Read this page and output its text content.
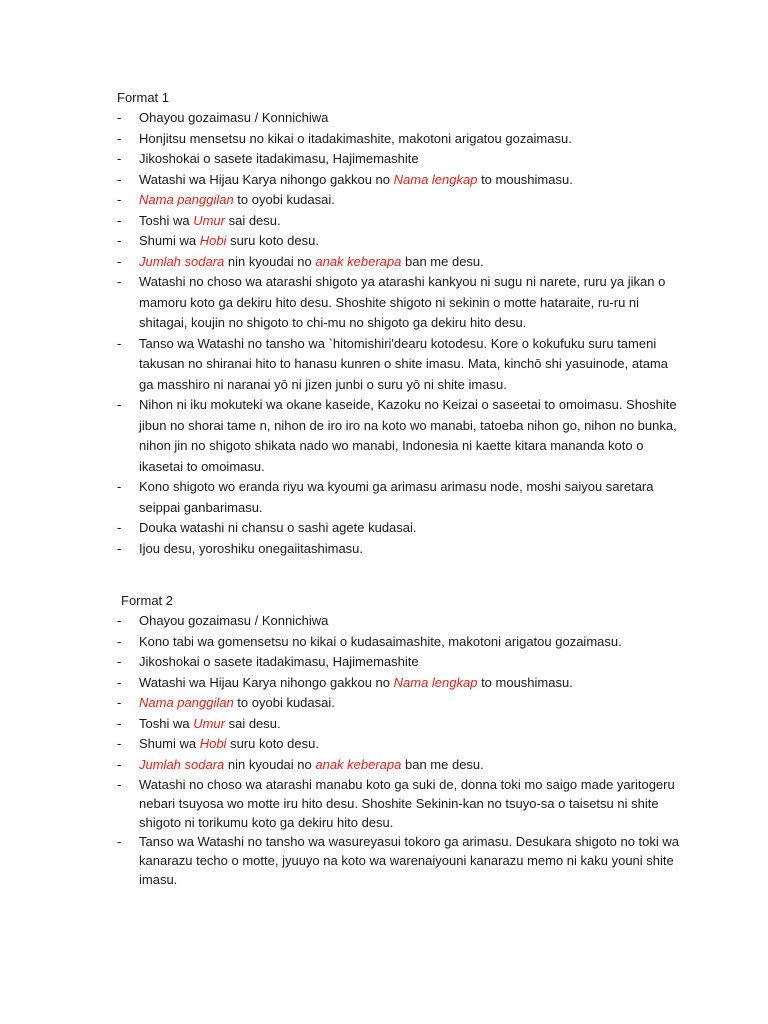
Format 1
- Ohayou gozaimasu / Konnichiwa
- Honjitsu mensetsu no kikai o itadakimashite, makotoni arigatou gozaimasu.
- Jikoshokai o sasete itadakimasu, Hajimemashite
- Watashi wa Hijau Karya nihongo gakkou no Nama lengkap to moushimasu.
- Nama panggilan to oyobi kudasai.
- Toshi wa Umur sai desu.
- Shumi wa Hobi suru koto desu.
- Jumlah sodara nin kyoudai no anak keberapa ban me desu.
- Watashi no choso wa atarashi shigoto ya atarashi kankyou ni sugu ni narete, ruru ya jikan o mamoru koto ga dekiru hito desu. Shoshite shigoto ni sekinin o motte hataraite, ru-ru ni shitagai, koujin no shigoto to chi-mu no shigoto ga dekiru hito desu.
- Tanso wa Watashi no tansho wa `hitomishiri'dearu kotodesu. Kore o kokufuku suru tameni takusan no shiranai hito to hanasu kunren o shite imasu. Mata, kinchō shi yasuinode, atama ga masshiro ni naranai yō ni jizen junbi o suru yō ni shite imasu.
- Nihon ni iku mokuteki wa okane kaseide, Kazoku no Keizai o saseetai to omoimasu. Shoshite jibun no shorai tame n, nihon de iro iro na koto wo manabi, tatoeba nihon go, nihon no bunka, nihon jin no shigoto shikata nado wo manabi, Indonesia ni kaette kitara mananda koto o ikasetai to omoimasu.
- Kono shigoto wo eranda riyu wa kyoumi ga arimasu arimasu node, moshi saiyou saretara seippai ganbarimasu.
- Douka watashi ni chansu o sashi agete kudasai.
- Ijou desu, yoroshiku onegaiitashimasu.
Format 2
- Ohayou gozaimasu / Konnichiwa
- Kono tabi wa gomensetsu no kikai o kudasaimashite, makotoni arigatou gozaimasu.
- Jikoshokai o sasete itadakimasu, Hajimemashite
- Watashi wa Hijau Karya nihongo gakkou no Nama lengkap to moushimasu.
- Nama panggilan to oyobi kudasai.
- Toshi wa Umur sai desu.
- Shumi wa Hobi suru koto desu.
- Jumlah sodara nin kyoudai no anak keberapa ban me desu.
- Watashi no choso wa atarashi manabu koto ga suki de, donna toki mo saigo made yaritogeru nebari tsuyosa wo motte iru hito desu. Shoshite Sekinin-kan no tsuyo-sa o taisetsu ni shite shigoto ni torikumu koto ga dekiru hito desu.
- Tanso wa Watashi no tansho wa wasureyasui tokoro ga arimasu. Desukara shigoto no toki wa kanarazu techo o motte, jyuuyo na koto wa warenaiyouni kanarazu memo ni kaku youni shite imasu.
